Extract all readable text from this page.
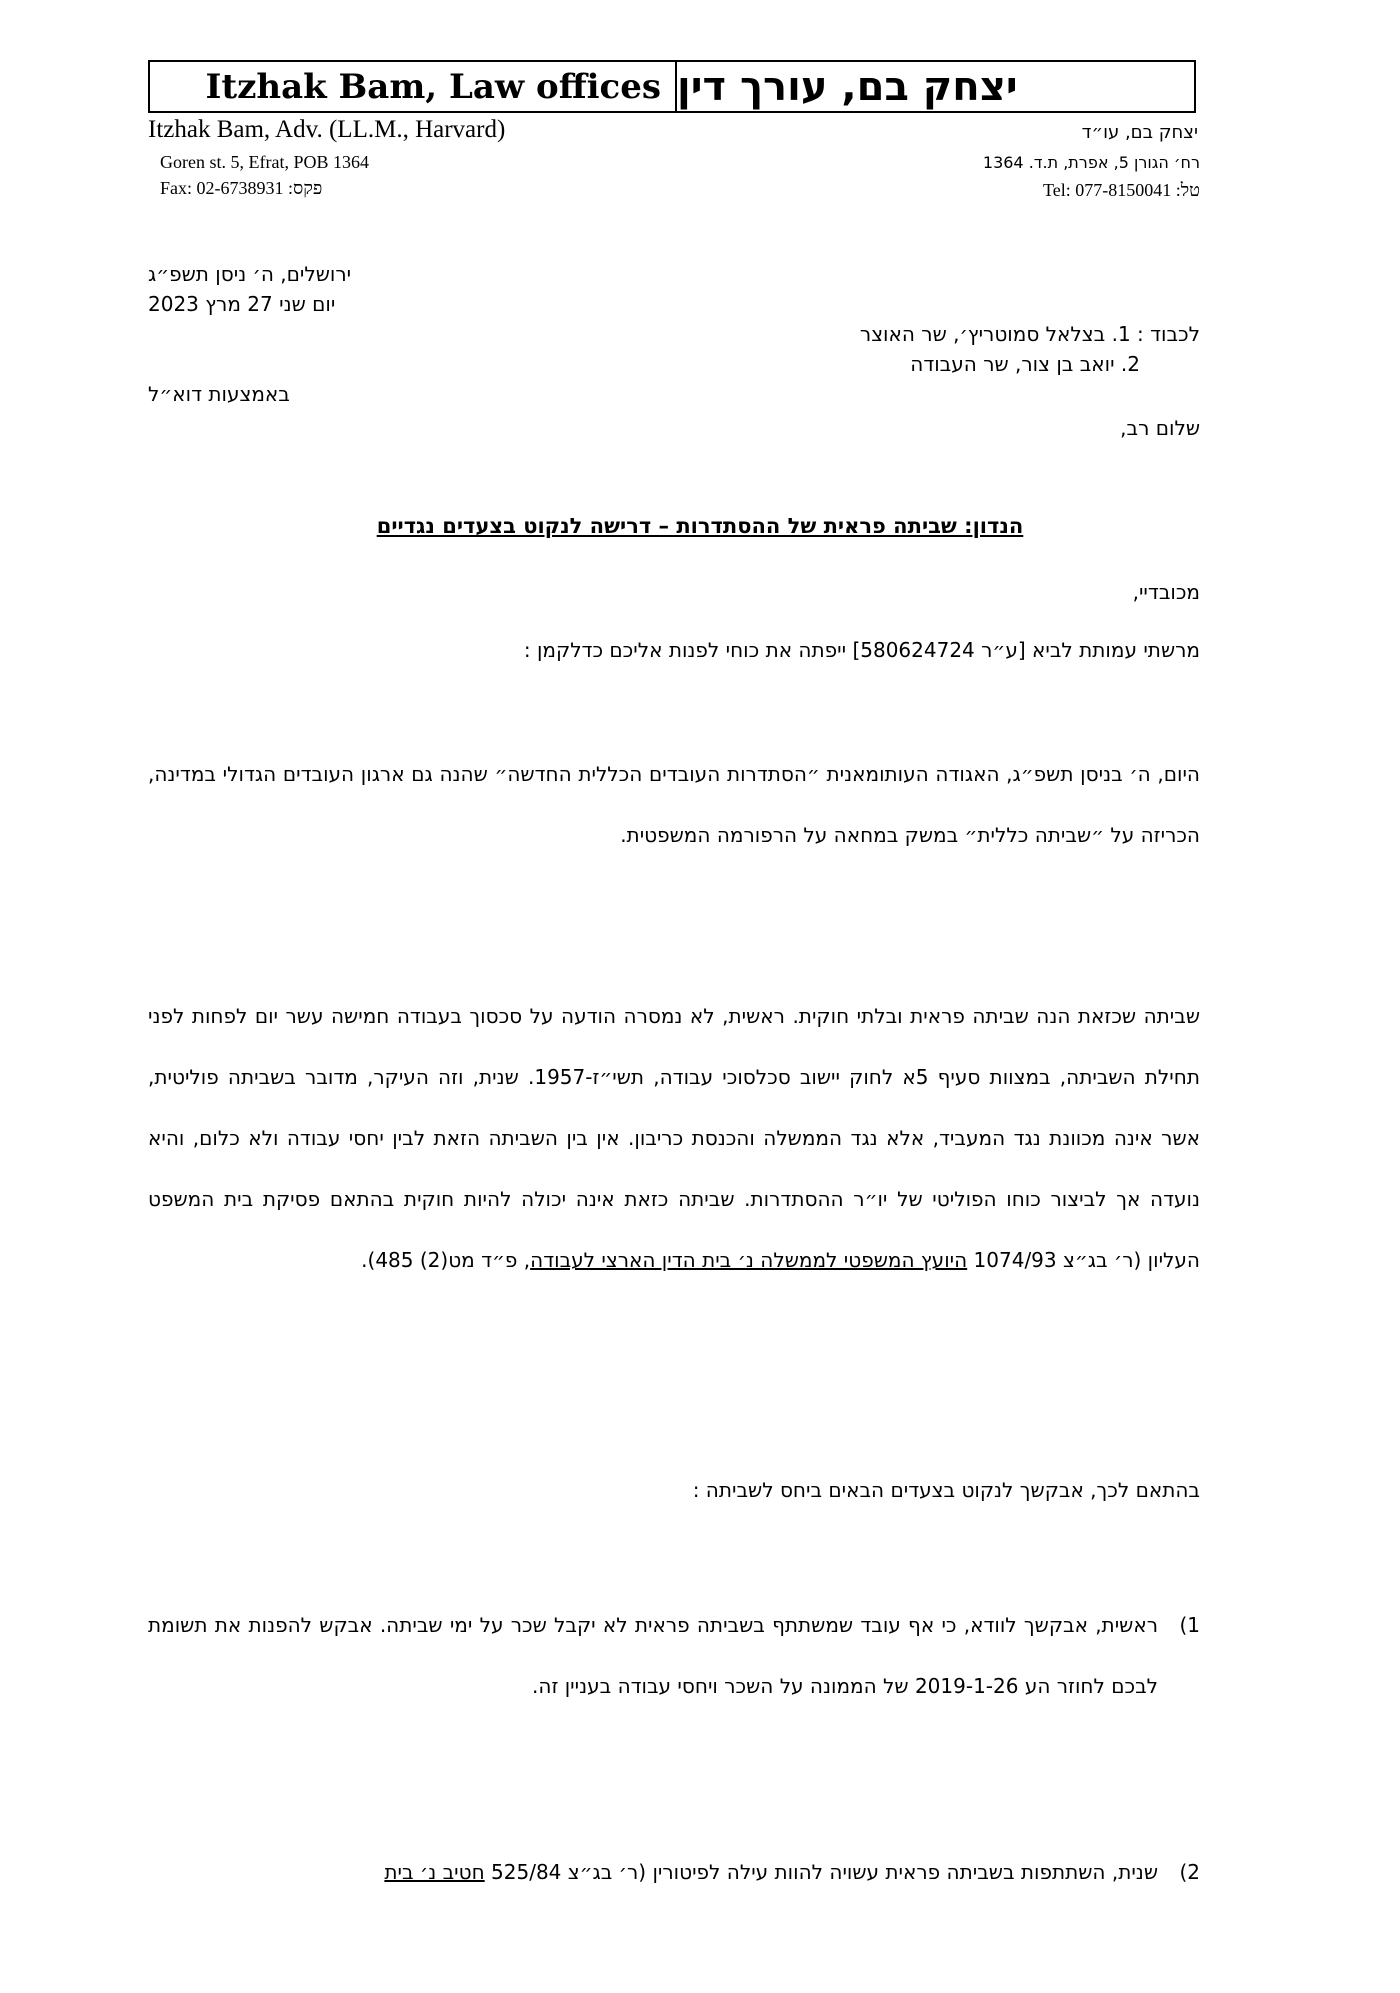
Itzhak Bam, Law offices יצחק בם, עורך דין
Itzhak Bam, Adv. (LL.M., Harvard)
Goren st. 5, Efrat, POB 1364
Fax: 02-6738931 :פקס
יצחק בם, עו״ד
רח׳ הגורן 5, אפרת, ת.ד. 1364
Tel: 077-8150041 :טל
ירושלים, ה׳ ניסן תשפ״ג
יום שני 27 מרץ 2023
לכבוד : 1. בצלאל סמוטריץ׳, שר האוצר
2. יואב בן צור, שר העבודה
באמצעות דוא״ל
שלום רב,
הנדון: שביתה פראית של ההסתדרות – דרישה לנקוט בצעדים נגדיים
מכובדיי,
מרשתי עמותת לביא [ע״ר 580624724] ייפתה את כוחי לפנות אליכם כדלקמן :
היום, ה׳ בניסן תשפ״ג, האגודה העותומאנית ״הסתדרות העובדים הכללית החדשה״ שהנה גם ארגון העובדים הגדולי במדינה, הכריזה על ״שביתה כללית״ במשק במחאה על הרפורמה המשפטית.
שביתה שכזאת הנה שביתה פראית ובלתי חוקית. ראשית, לא נמסרה הודעה על סכסוך בעבודה חמישה עשר יום לפחות לפני תחילת השביתה, במצוות סעיף 5א לחוק יישוב סכלסוכי עבודה, תשי״ז-1957. שנית, וזה העיקר, מדובר בשביתה פוליטית, אשר אינה מכוונת נגד המעביד, אלא נגד הממשלה והכנסת כריבון. אין בין השביתה הזאת לבין יחסי עבודה ולא כלום, והיא נועדה אך לביצור כוחו הפוליטי של יו״ר ההסתדרות. שביתה כזאת אינה יכולה להיות חוקית בהתאם פסיקת בית המשפט העליון (ר׳ בג״צ 1074/93 היועץ המשפטי לממשלה נ׳ בית הדין הארצי לעבודה, פ״ד מט(2) 485).
בהתאם לכך, אבקשך לנקוט בצעדים הבאים ביחס לשביתה :
1)
ראשית, אבקשך לוודא, כי אף עובד שמשתתף בשביתה פראית לא יקבל שכר על ימי שביתה. אבקש להפנות את תשומת לבכם לחוזר הע 2019-1-26 של הממונה על השכר ויחסי עבודה בעניין זה.
2)
שנית, השתתפות בשביתה פראית עשויה להוות עילה לפיטורין (ר׳ בג״צ 525/84 חטיב נ׳ בית
